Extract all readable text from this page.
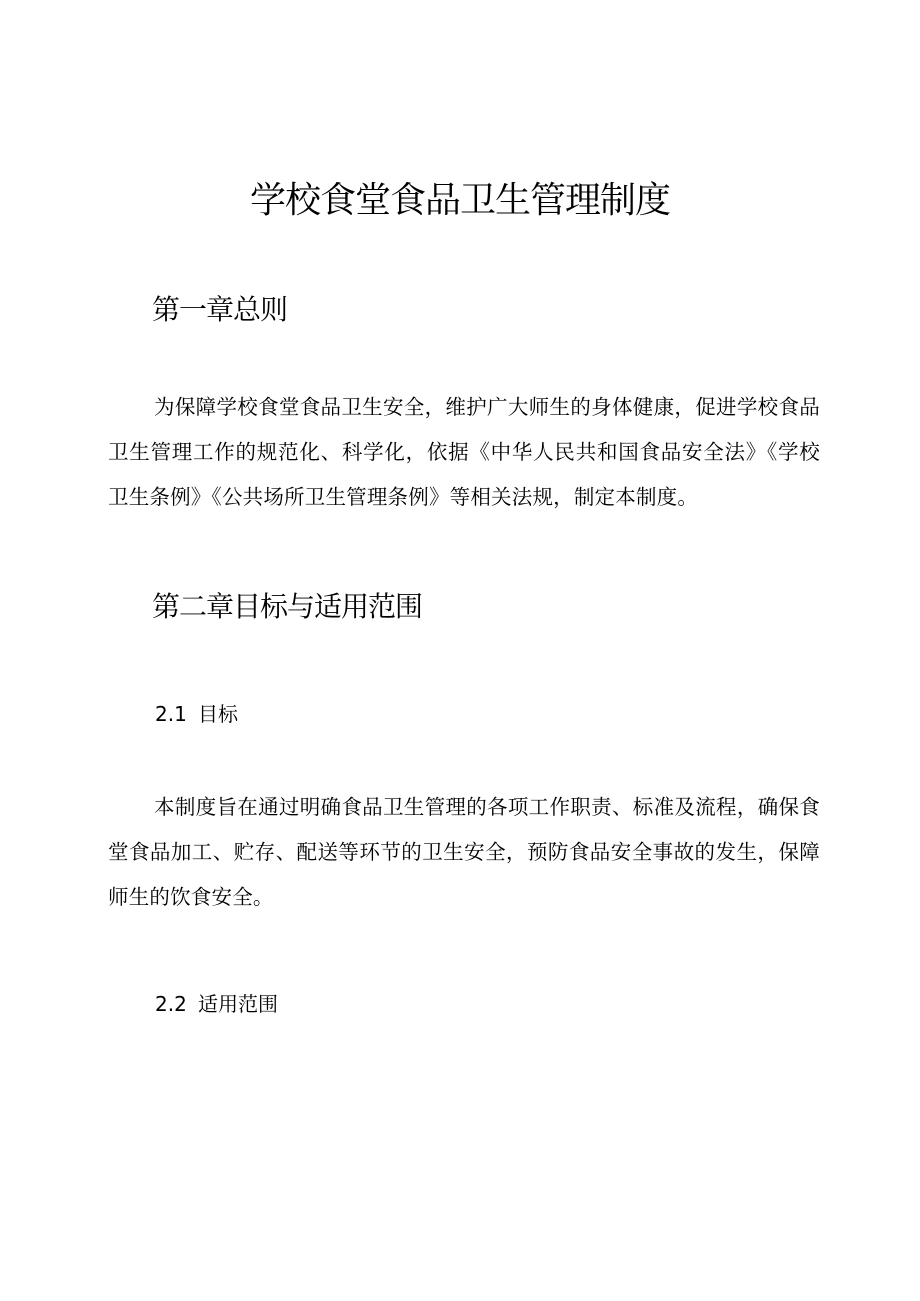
学校食堂食品卫生管理制度
第一章总则

为保障学校食堂食品卫生安全，维护广大师生的身体健康，促进学校食品卫生管理工作的规范化、科学化，依据《中华人民共和国食品安全法》《学校卫生条例》《公共场所卫生管理条例》等相关法规，制定本制度。

第二章目标与适用范围
2.1 目标

本制度旨在通过明确食品卫生管理的各项工作职责、标准及流程，确保食堂食品加工、贮存、配送等环节的卫生安全，预防食品安全事故的发生，保障师生的饮食安全。

2.2 适用范围
